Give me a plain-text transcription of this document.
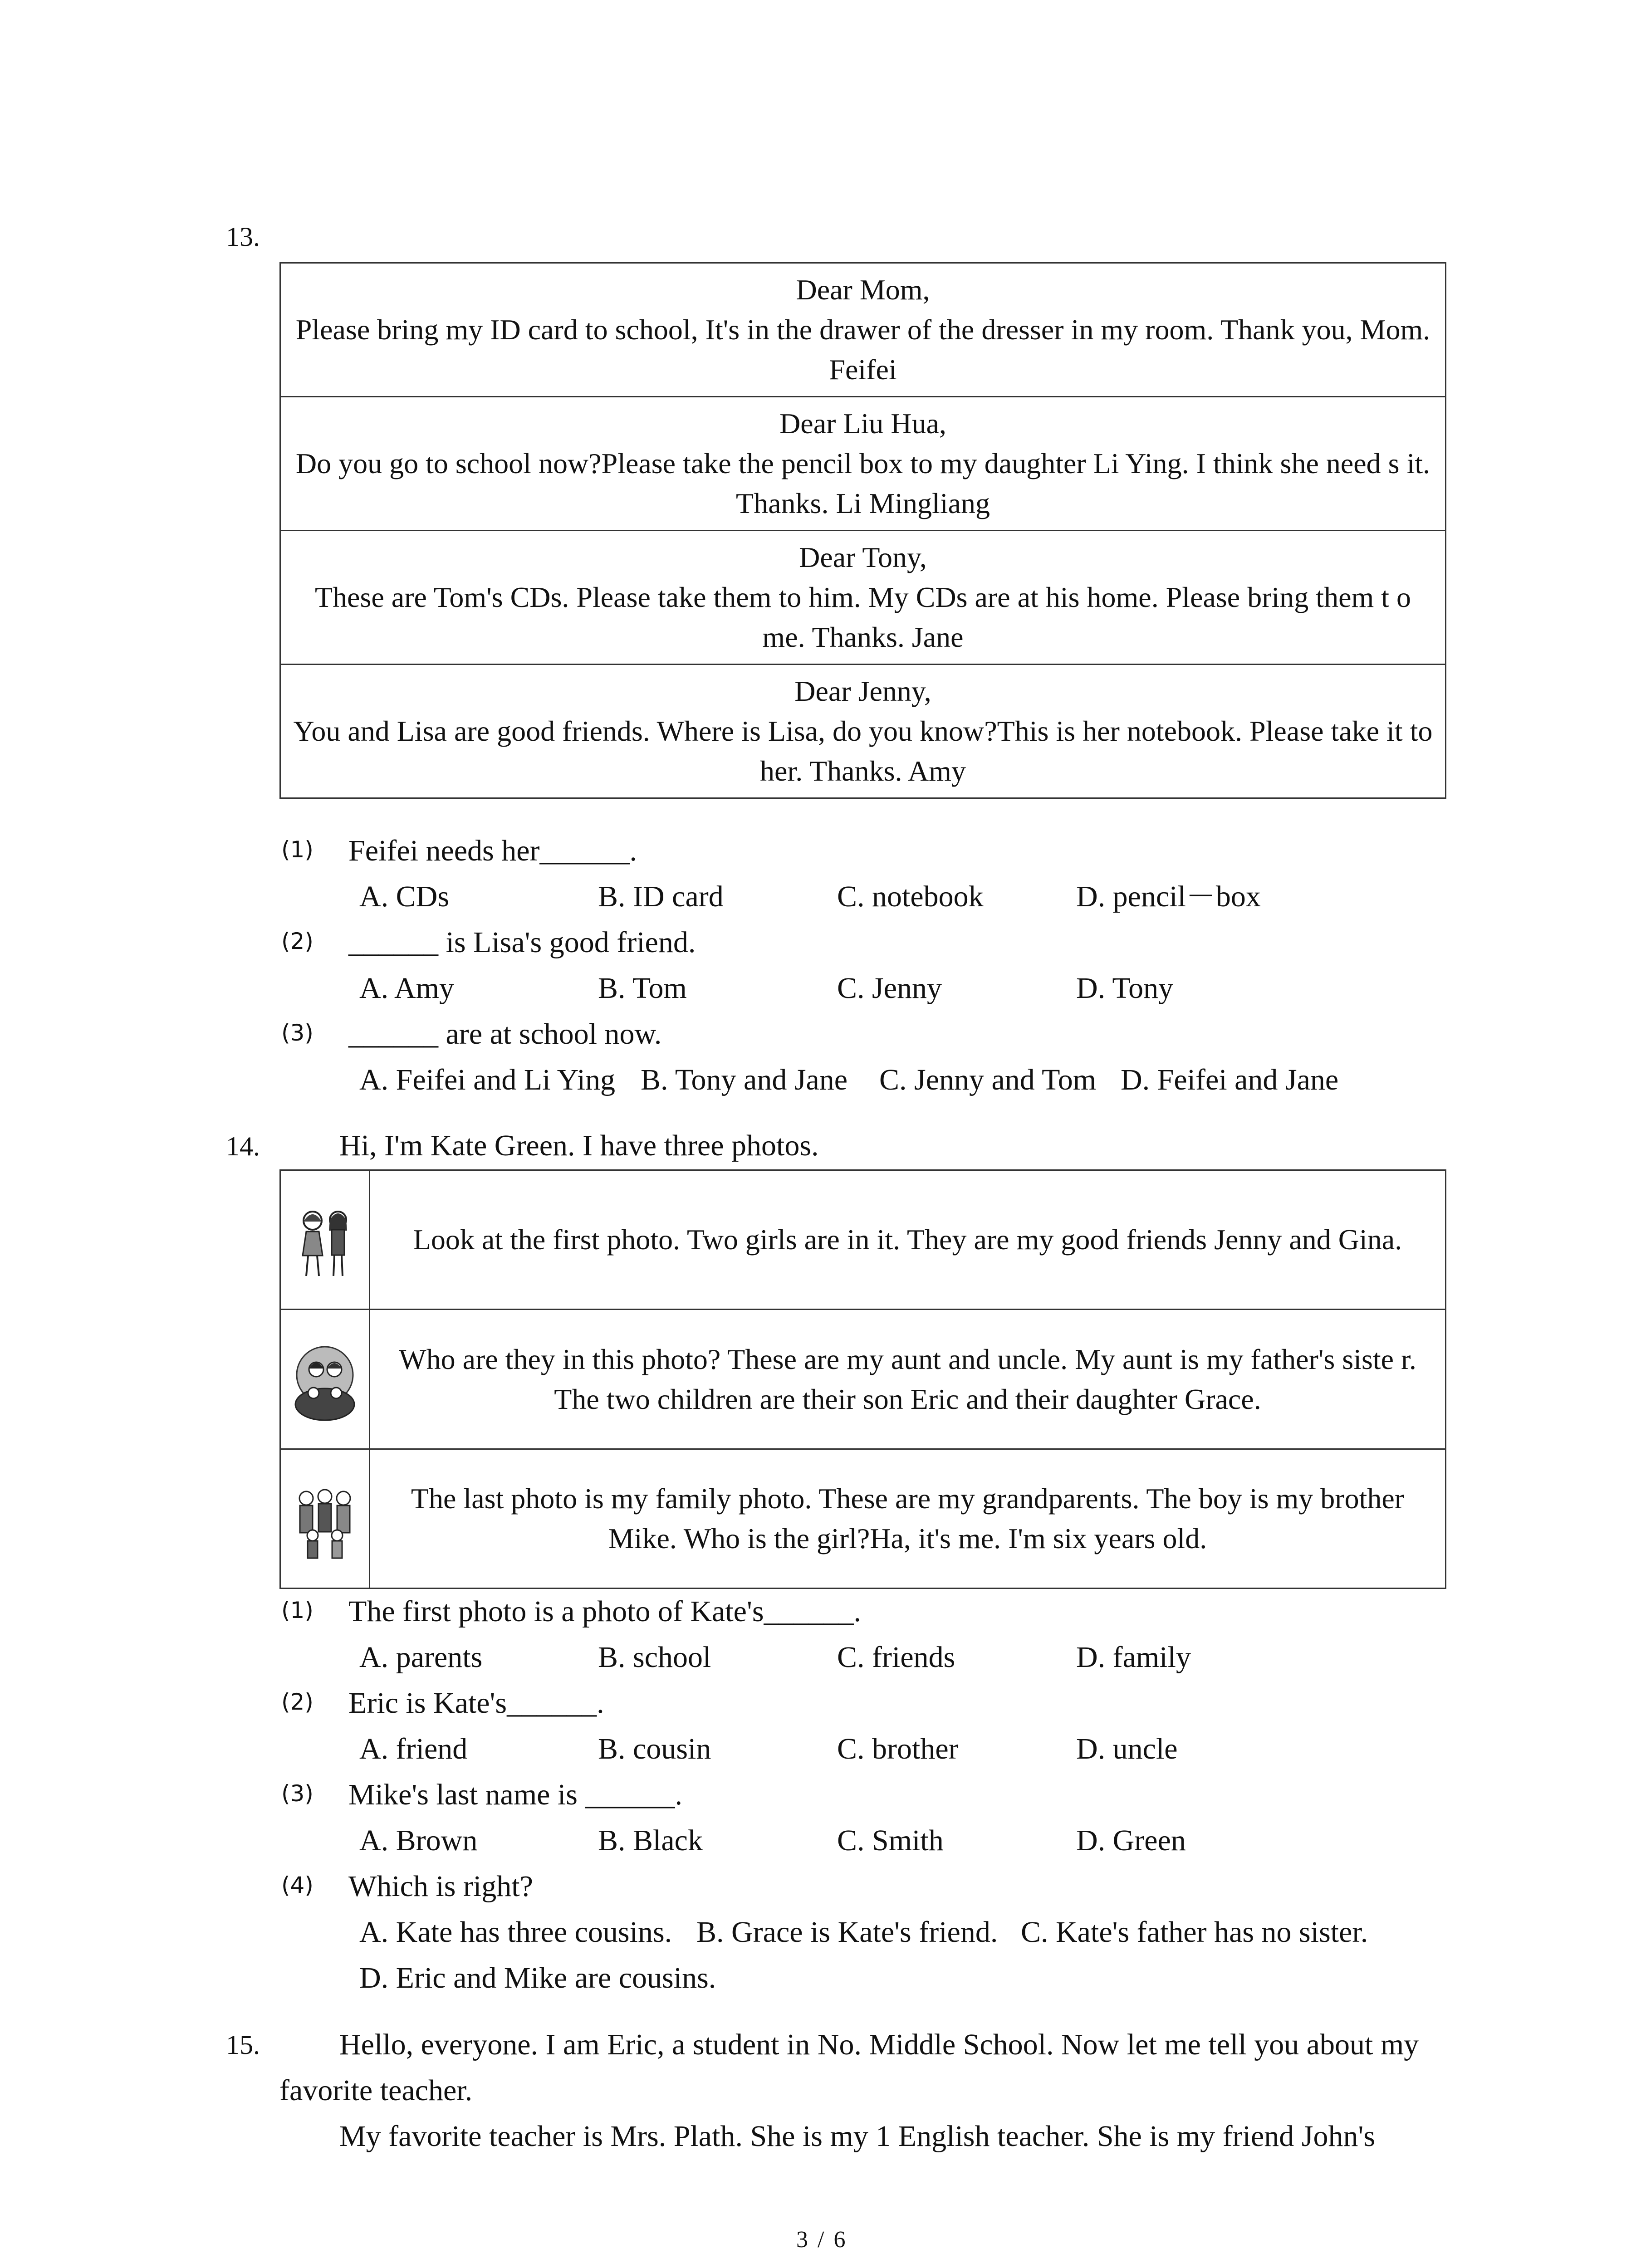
13.
Dear Mom,
Please bring my ID card to school, It's in the drawer of the dresser in my room. Thank you, Mom. Feifei

Dear Liu Hua,
Do you go to school now?Please take the pencil box to my daughter Li Ying. I think she need s it. Thanks. Li Mingliang

Dear Tony,
These are Tom's CDs. Please take them to him. My CDs are at his home. Please bring them t o me. Thanks. Jane

Dear Jenny,
You and Lisa are good friends. Where is Lisa, do you know?This is her notebook. Please take it to her. Thanks. Amy
(1) Feifei needs her______.
A. CDs	B. ID card	C. notebook	D. pencil－box
(2) ______ is Lisa's good friend.
A. Amy	B. Tom	C. Jenny	D. Tony
(3) ______ are at school now.
A. Feifei and Li Ying B. Tony and Jane C. Jenny and Tom D. Feifei and Jane
14.	Hi, I'm Kate Green. I have three photos.
	Look at the first photo. Two girls are in it. They are my good friends Jenny and Gina.

	Who are they in this photo? These are my aunt and uncle. My aunt is my father's siste r. The two children are their son Eric and their daughter Grace.

	The last photo is my family photo. These are my grandparents. The boy is my brother Mike. Who is the girl?Ha, it's me. I'm six years old.
(1) The first photo is a photo of Kate's______.
A. parents	B. school	C. friends	D. family
(2) Eric is Kate's______.
A. friend	B. cousin	C. brother	D. uncle
(3) Mike's last name is ______.
A. Brown	B. Black	C. Smith	D. Green
(4) Which is right?
A. Kate has three cousins. B. Grace is Kate's friend. C. Kate's father has no sister.
D. Eric and Mike are cousins.
15.	Hello, everyone. I am Eric, a student in No. Middle School. Now let me tell you about my
favorite teacher.
My favorite teacher is Mrs. Plath. She is my 1 English teacher. She is my friend John's
3 / 6
